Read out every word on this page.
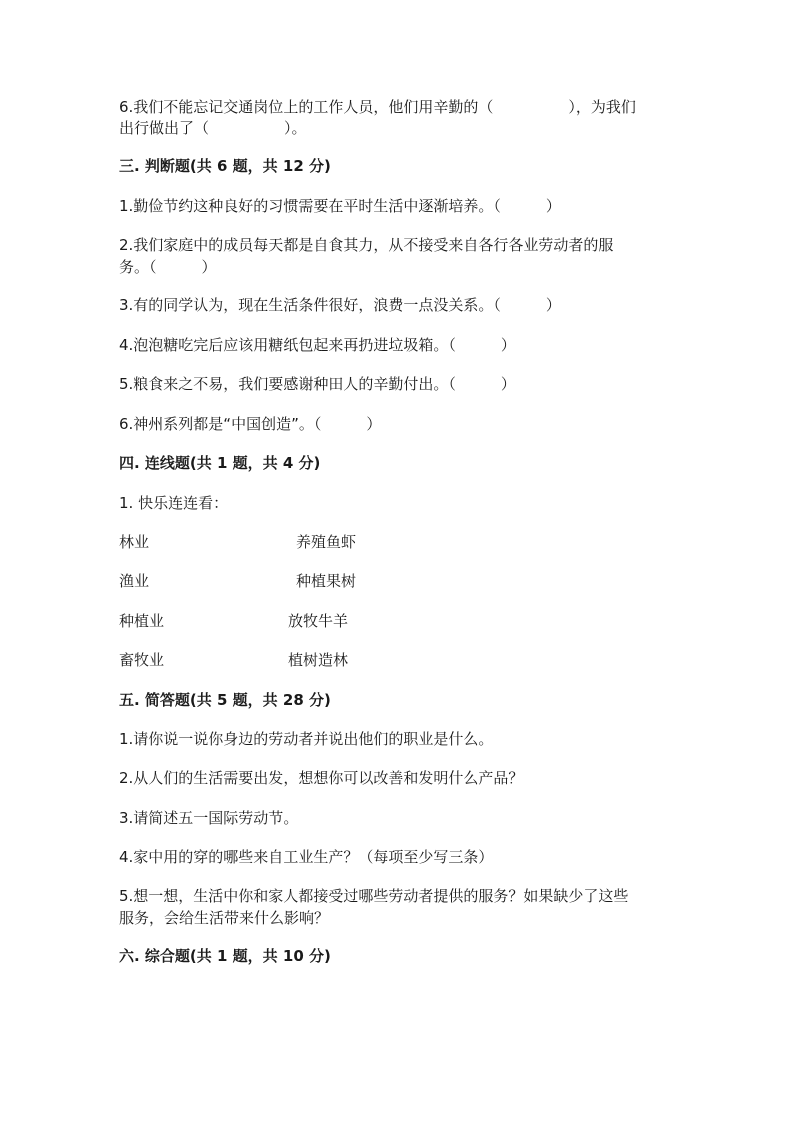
6.我们不能忘记交通岗位上的工作人员，他们用辛勤的（　　　　　），为我们
出行做出了（　　　　　）。
三. 判断题(共 6 题，共 12 分)
1.勤俭节约这种良好的习惯需要在平时生活中逐渐培养。（　　　）
2.我们家庭中的成员每天都是自食其力，从不接受来自各行各业劳动者的服
务。（　　　）
3.有的同学认为，现在生活条件很好，浪费一点没关系。（　　　）
4.泡泡糖吃完后应该用糖纸包起来再扔进垃圾箱。（　　　）
5.粮食来之不易，我们要感谢种田人的辛勤付出。（　　　）
6.神州系列都是“中国创造”。（　　　）
四. 连线题(共 1 题，共 4 分)
1. 快乐连连看：
林业	养殖鱼虾
渔业	种植果树
种植业	放牧牛羊
畜牧业	植树造林
五. 简答题(共 5 题，共 28 分)
1.请你说一说你身边的劳动者并说出他们的职业是什么。
2.从人们的生活需要出发，想想你可以改善和发明什么产品？
3.请简述五一国际劳动节。
4.家中用的穿的哪些来自工业生产？（每项至少写三条）
5.想一想，生活中你和家人都接受过哪些劳动者提供的服务？如果缺少了这些
服务，会给生活带来什么影响？
六. 综合题(共 1 题，共 10 分)
